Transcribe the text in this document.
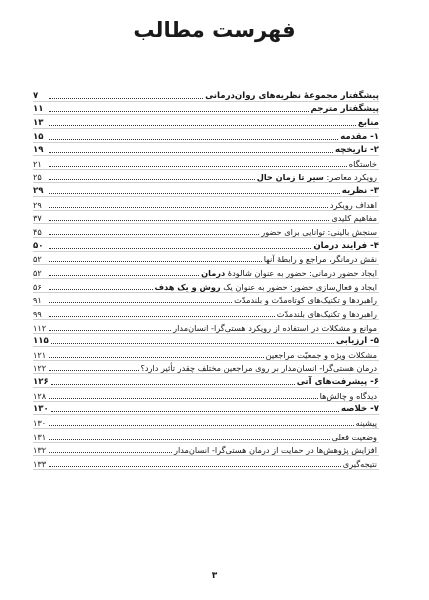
فهرست مطالب
پیشگفتار مجموعهٔ نظریه‌های روان‌درمانی
۷
پیشگفتار مترجم
۱۱
منابع
۱۳
۱- مقدمه
۱۵
۲- تاریخچه
۱۹
خاستگاه
۲۱
رویکرد معاصر: سیر تا زمان حال
۲۵
۳- نظریه
۲۹
اهداف رویکرد
۲۹
مفاهیم کلیدی
۳۷
سنجش بالینی: توانایی برای حضور
۴۵
۴- فرایند درمان
۵۰
نقش درمانگر، مراجع و رابطهٔ آنها
۵۲
ایجاد حضور درمانی: حضور به عنوان شالودهٔ درمان
۵۲
ایجاد و فعال‌سازی حضور: حضور به عنوان یک روش و یک هدف
۵۶
راهبردها و تکنیک‌های کوتاه‌مدّت و بلندمدّت
۹۱
راهبردها و تکنیک‌های بلندمدّت
۹۹
موانع و مشکلات در استفاده از رویکرد هستی‌گرا- انسان‌مدار
۱۱۲
۵- ارزیابی
۱۱۵
مشکلات ویژه و جمعیّت مراجعین
۱۲۱
درمان هستی‌گرا- انسان‌مدار بر روی مراجعین مختلف چقدر تأثیر دارد؟
۱۲۲
۶- پیشرفت‌های آتی
۱۲۶
دیدگاه و چالش‌ها
۱۲۸
۷- خلاصه
۱۳۰
پیشینه
۱۳۰
وضعیت فعلی
۱۳۱
افزایش پژوهش‌ها در حمایت از درمان هستی‌گرا- انسان‌مدار
۱۳۲
نتیجه‌گیری
۱۳۳
۳
